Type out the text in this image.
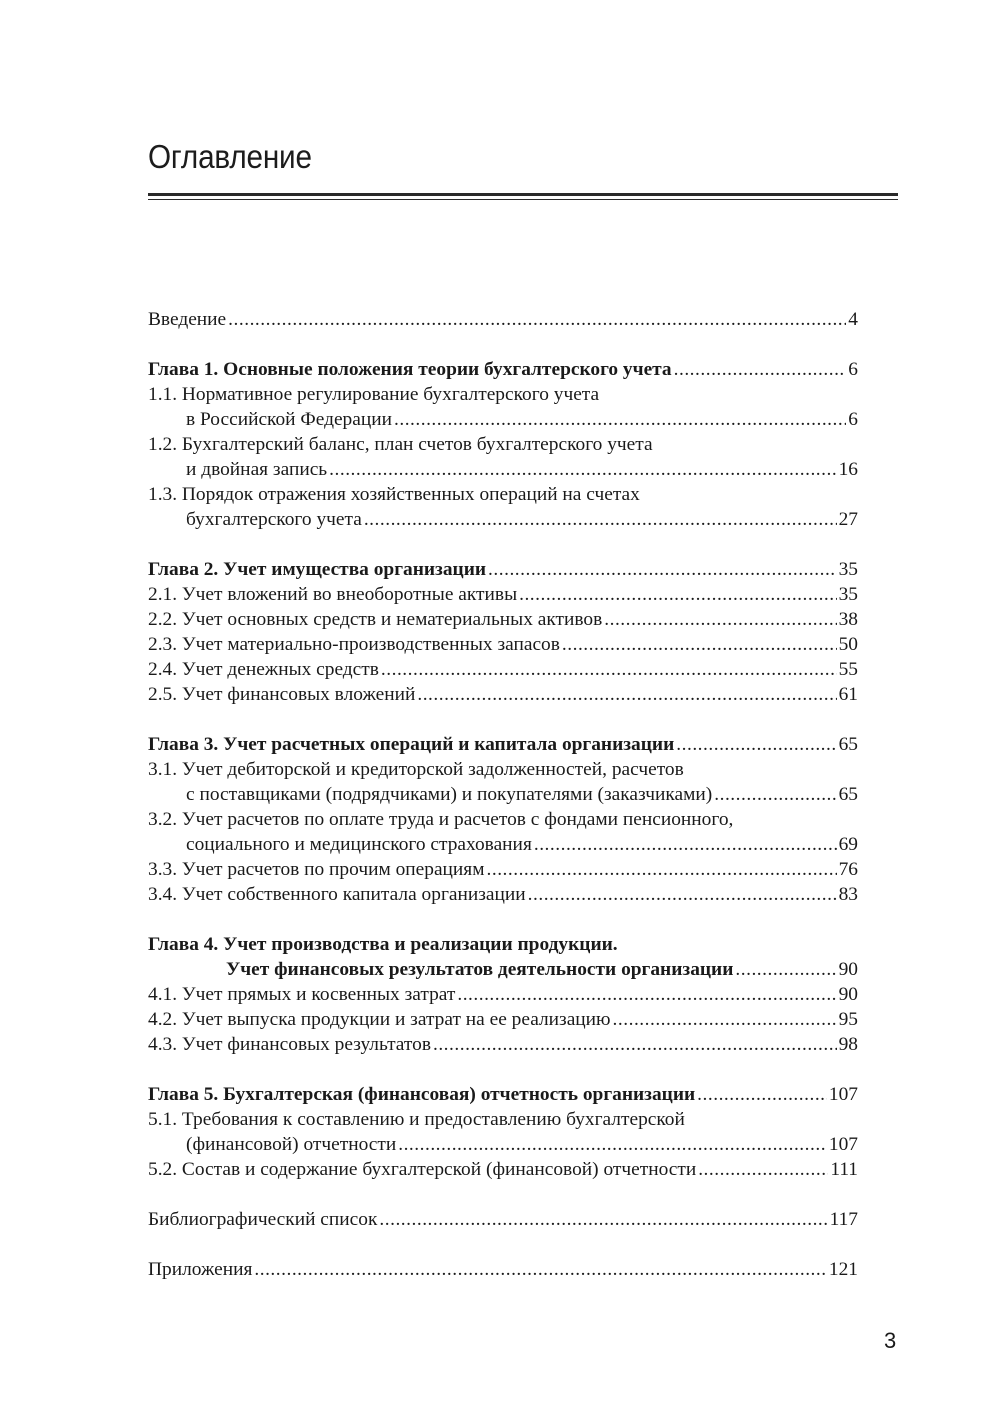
Оглавление
Введение .....	4
Глава 1. Основные положения теории бухгалтерского учета .....	6
1.1. Нормативное регулирование бухгалтерского учета
в Российской Федерации .....	6
1.2. Бухгалтерский баланс, план счетов бухгалтерского учета
и двойная запись .....	16
1.3. Порядок отражения хозяйственных операций на счетах
бухгалтерского учета .....	27
Глава 2. Учет имущества организации .....	35
2.1. Учет вложений во внеоборотные активы .....	35
2.2. Учет основных средств и нематериальных активов .....	38
2.3. Учет материально-производственных запасов .....	50
2.4. Учет денежных средств .....	55
2.5. Учет финансовых вложений .....	61
Глава 3. Учет расчетных операций и капитала организации .....	65
3.1. Учет дебиторской и кредиторской задолженностей, расчетов
с поставщиками (подрядчиками) и покупателями (заказчиками) .....	65
3.2. Учет расчетов по оплате труда и расчетов с фондами пенсионного,
социального и медицинского страхования .....	69
3.3. Учет расчетов по прочим операциям .....	76
3.4. Учет собственного капитала организации .....	83
Глава 4. Учет производства и реализации продукции.
Учет финансовых результатов деятельности организации .....	90
4.1. Учет прямых и косвенных затрат .....	90
4.2. Учет выпуска продукции и затрат на ее реализацию .....	95
4.3. Учет финансовых результатов .....	98
Глава 5. Бухгалтерская (финансовая) отчетность организации .....	107
5.1. Требования к составлению и предоставлению бухгалтерской
(финансовой) отчетности .....	107
5.2. Состав и содержание бухгалтерской (финансовой) отчетности .....	111
Библиографический список .....	117
Приложения .....	121
3
